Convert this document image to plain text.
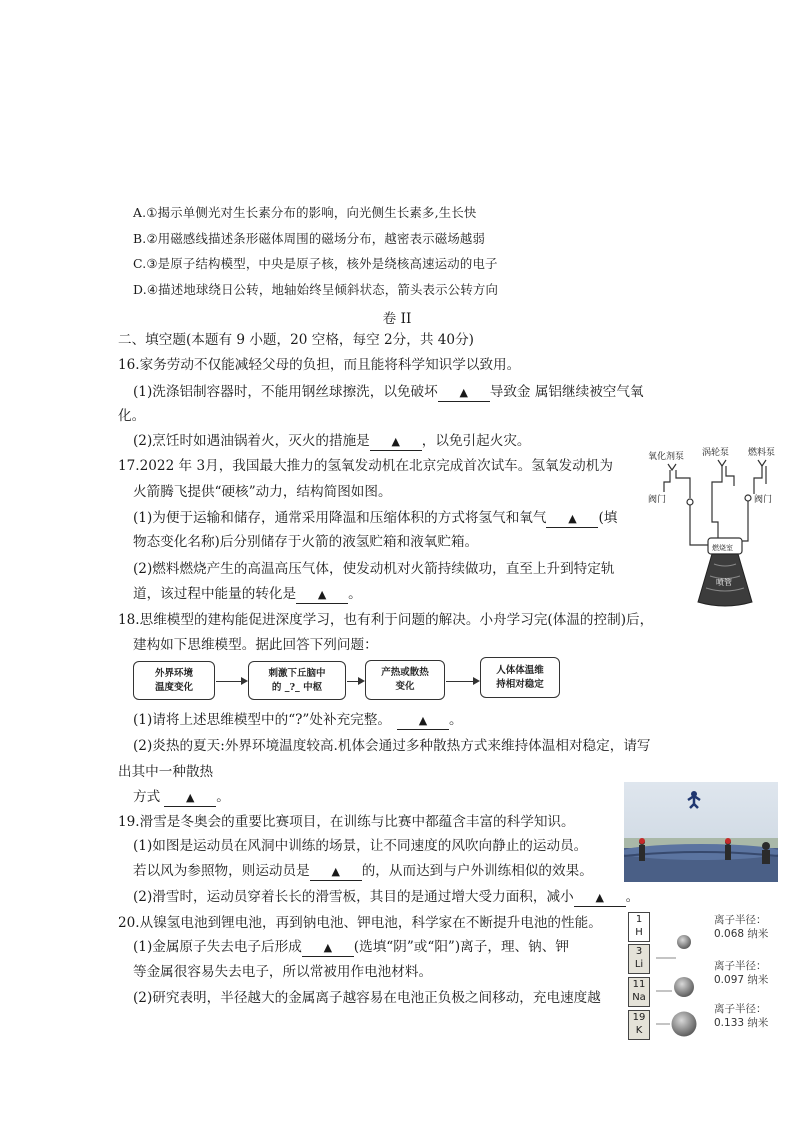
A.①揭示单侧光对生长素分布的影响，向光侧生长素多,生长快
B.②用磁感线描述条形磁体周围的磁场分布，越密表示磁场越弱
C.③是原子结构模型，中央是原子核，核外是绕核高速运动的电子
D.④描述地球绕日公转，地轴始终呈倾斜状态，箭头表示公转方向
卷 II
二、填空题(本题有 9 小题，20 空格，每空 2分，共 40分)
16.家务劳动不仅能减轻父母的负担，而且能将科学知识学以致用。
(1)洗涤铝制容器时，不能用钢丝球擦洗，以免破坏 ▲ 导致金 属铝继续被空气氧
化。
(2)烹饪时如遇油锅着火，灭火的措施是 ▲ ，以免引起火灾。
17.2022 年 3月，我国最大推力的氢氧发动机在北京完成首次试车。氢氧发动机为
火箭腾飞提供“硬核”动力，结构简图如图。
(1)为便于运输和储存，通常采用降温和压缩体积的方式将氢气和氧气 ▲ (填
物态变化名称)后分别储存于火箭的液氢贮箱和液氧贮箱。
(2)燃料燃烧产生的高温高压气体，使发动机对火箭持续做功，直至上升到特定轨
道，该过程中能量的转化是 ▲ 。
氧化剂泵 涡轮泵 燃料泵
阀门	阀门
燃烧室
喷管
18.思维模型的建构能促进深度学习，也有利于问题的解决。小舟学习完(体温的控制)后，
建构如下思维模型。据此回答下列问题：
外界环境
温度变化
刺激下丘脑中
的 _?_ 中枢
产热或散热
变化
人体体温维
持相对稳定
(1)请将上述思维模型中的“?”处补充完整。	▲ 。
(2)炎热的夏天:外界环境温度较高.机体会通过多种散热方式来维持体温相对稳定，请写
出其中一种散热
方式 ▲ 。
19.滑雪是冬奥会的重要比赛项目，在训练与比赛中都蕴含丰富的科学知识。
(1)如图是运动员在风洞中训练的场景，让不同速度的风吹向静止的运动员。
若以风为参照物，则运动员是 ▲ 的，从而达到与户外训练相似的效果。
(2)滑雪时，运动员穿着长长的滑雪板，其目的是通过增大受力面积，减小 ▲ 。
20.从镍氢电池到锂电池，再到钠电池、钾电池，科学家在不断提升电池的性能。
(1)金属原子失去电子后形成 ▲ (选填“阴”或“阳”)离子，理、钠、钾
等金属很容易失去电子，所以常被用作电池材料。
(2)研究表明，半径越大的金属离子越容易在电池正负极之间移动，充电速度越
1
H
3
Li
11
Na
19
K
离子半径：
0.068 纳米
离子半径：
0.097 纳米
离子半径：
0.133 纳米
